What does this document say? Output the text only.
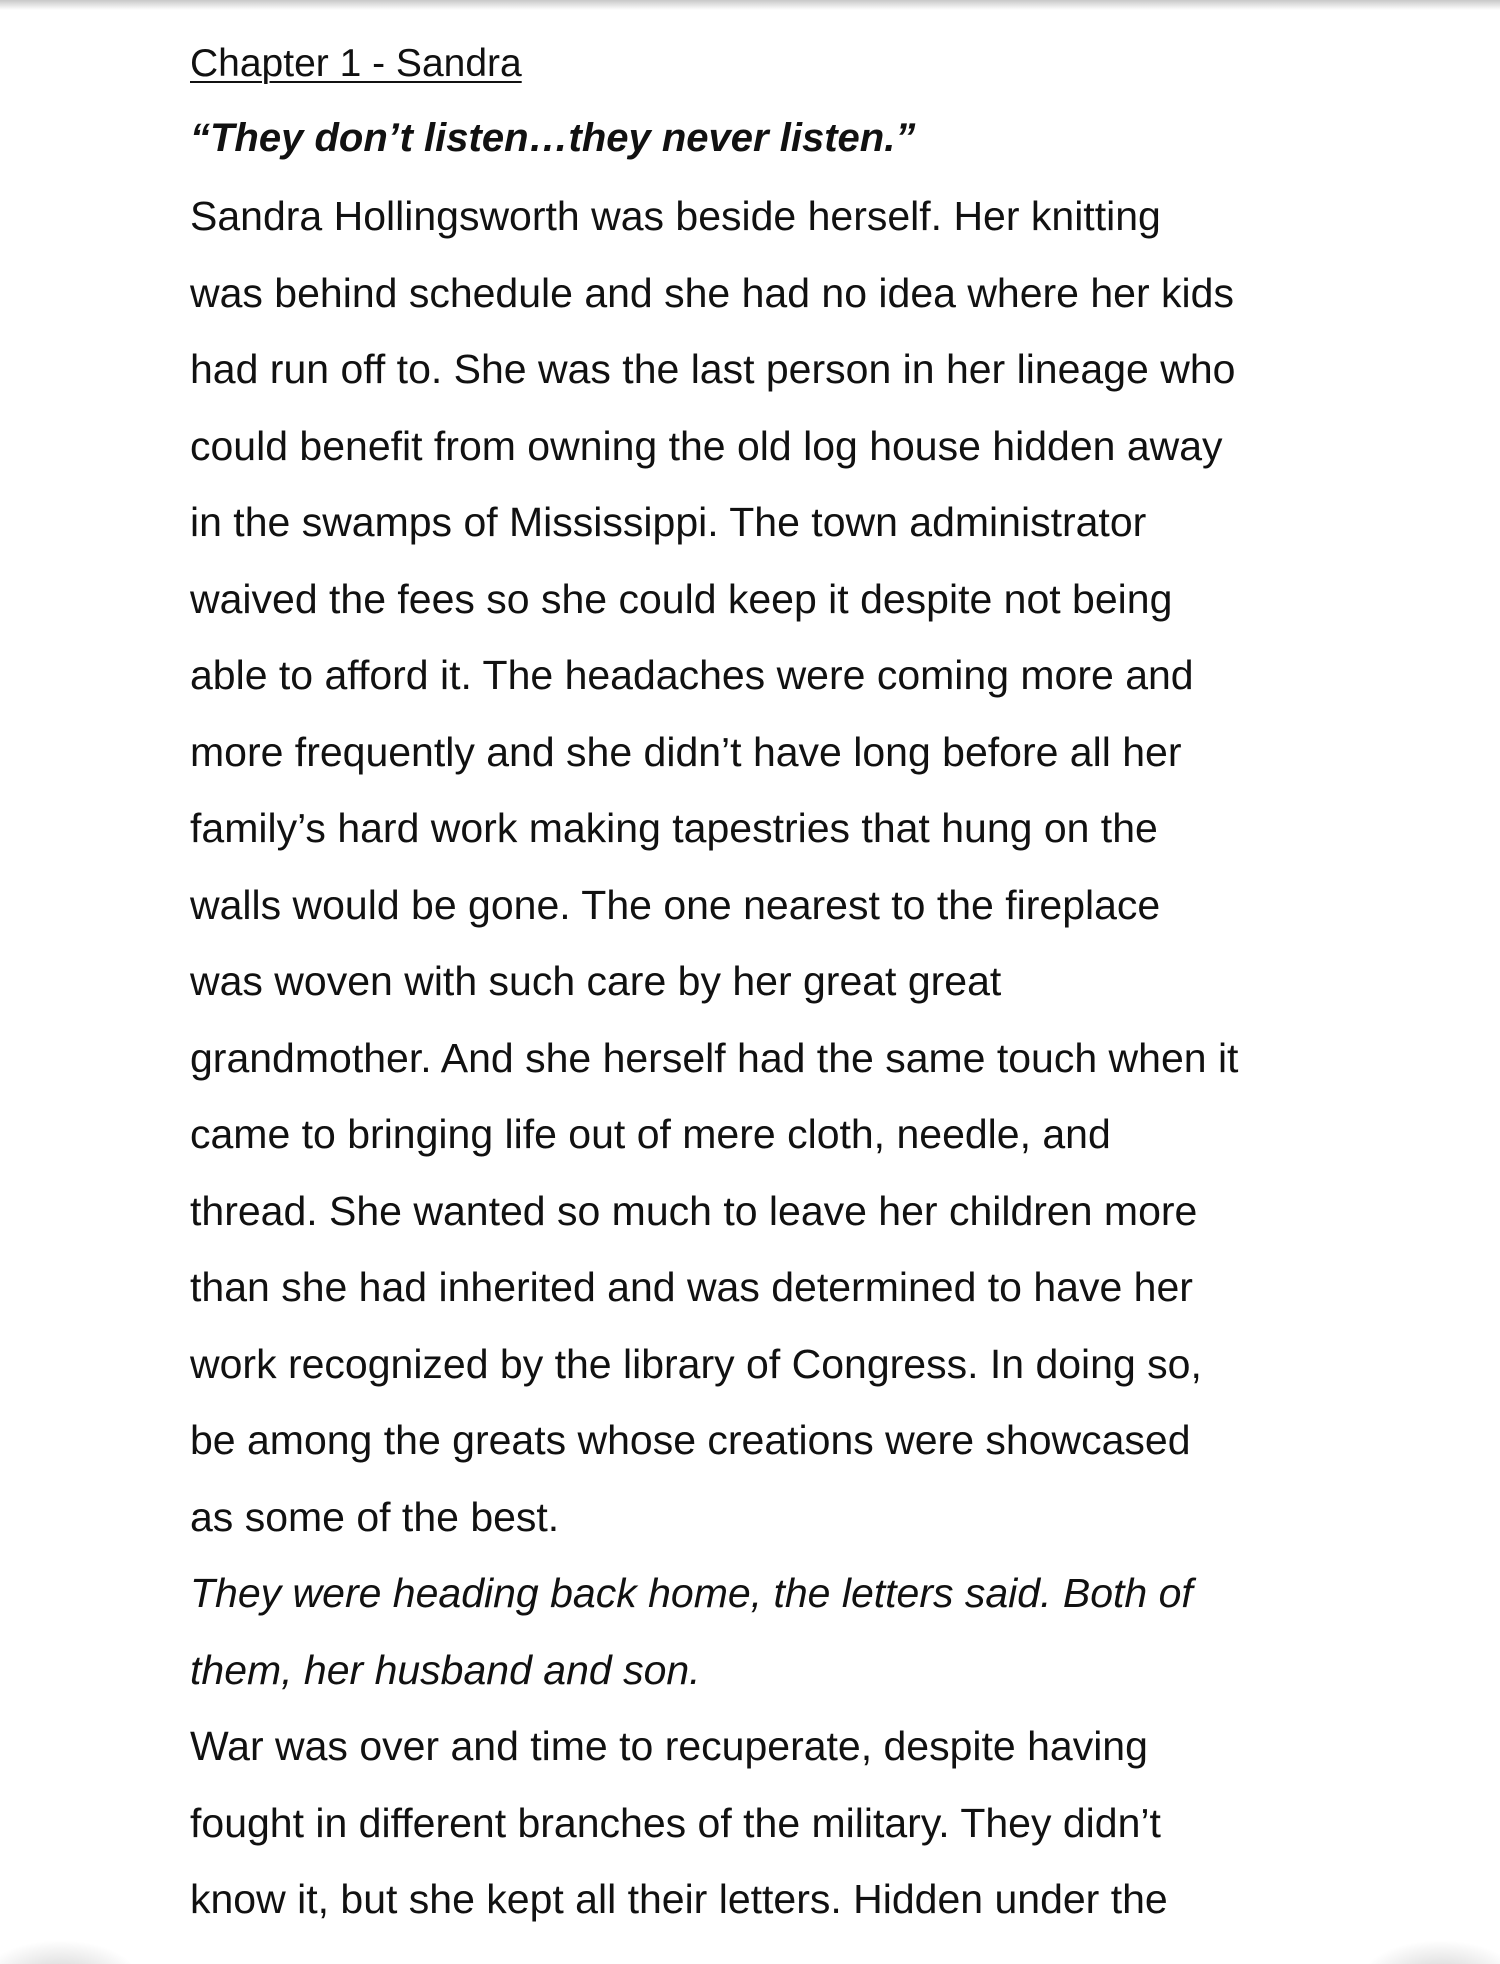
Chapter 1 - Sandra
“They don’t listen…they never listen.”
Sandra Hollingsworth was beside herself. Her knitting
was behind schedule and she had no idea where her kids
had run off to. She was the last person in her lineage who
could benefit from owning the old log house hidden away
in the swamps of Mississippi. The town administrator
waived the fees so she could keep it despite not being
able to afford it. The headaches were coming more and
more frequently and she didn’t have long before all her
family’s hard work making tapestries that hung on the
walls would be gone. The one nearest to the fireplace
was woven with such care by her great great
grandmother. And she herself had the same touch when it
came to bringing life out of mere cloth, needle, and
thread. She wanted so much to leave her children more
than she had inherited and was determined to have her
work recognized by the library of Congress. In doing so,
be among the greats whose creations were showcased
as some of the best.
They were heading back home, the letters said. Both of
them, her husband and son.
War was over and time to recuperate, despite having
fought in different branches of the military. They didn’t
know it, but she kept all their letters. Hidden under the
